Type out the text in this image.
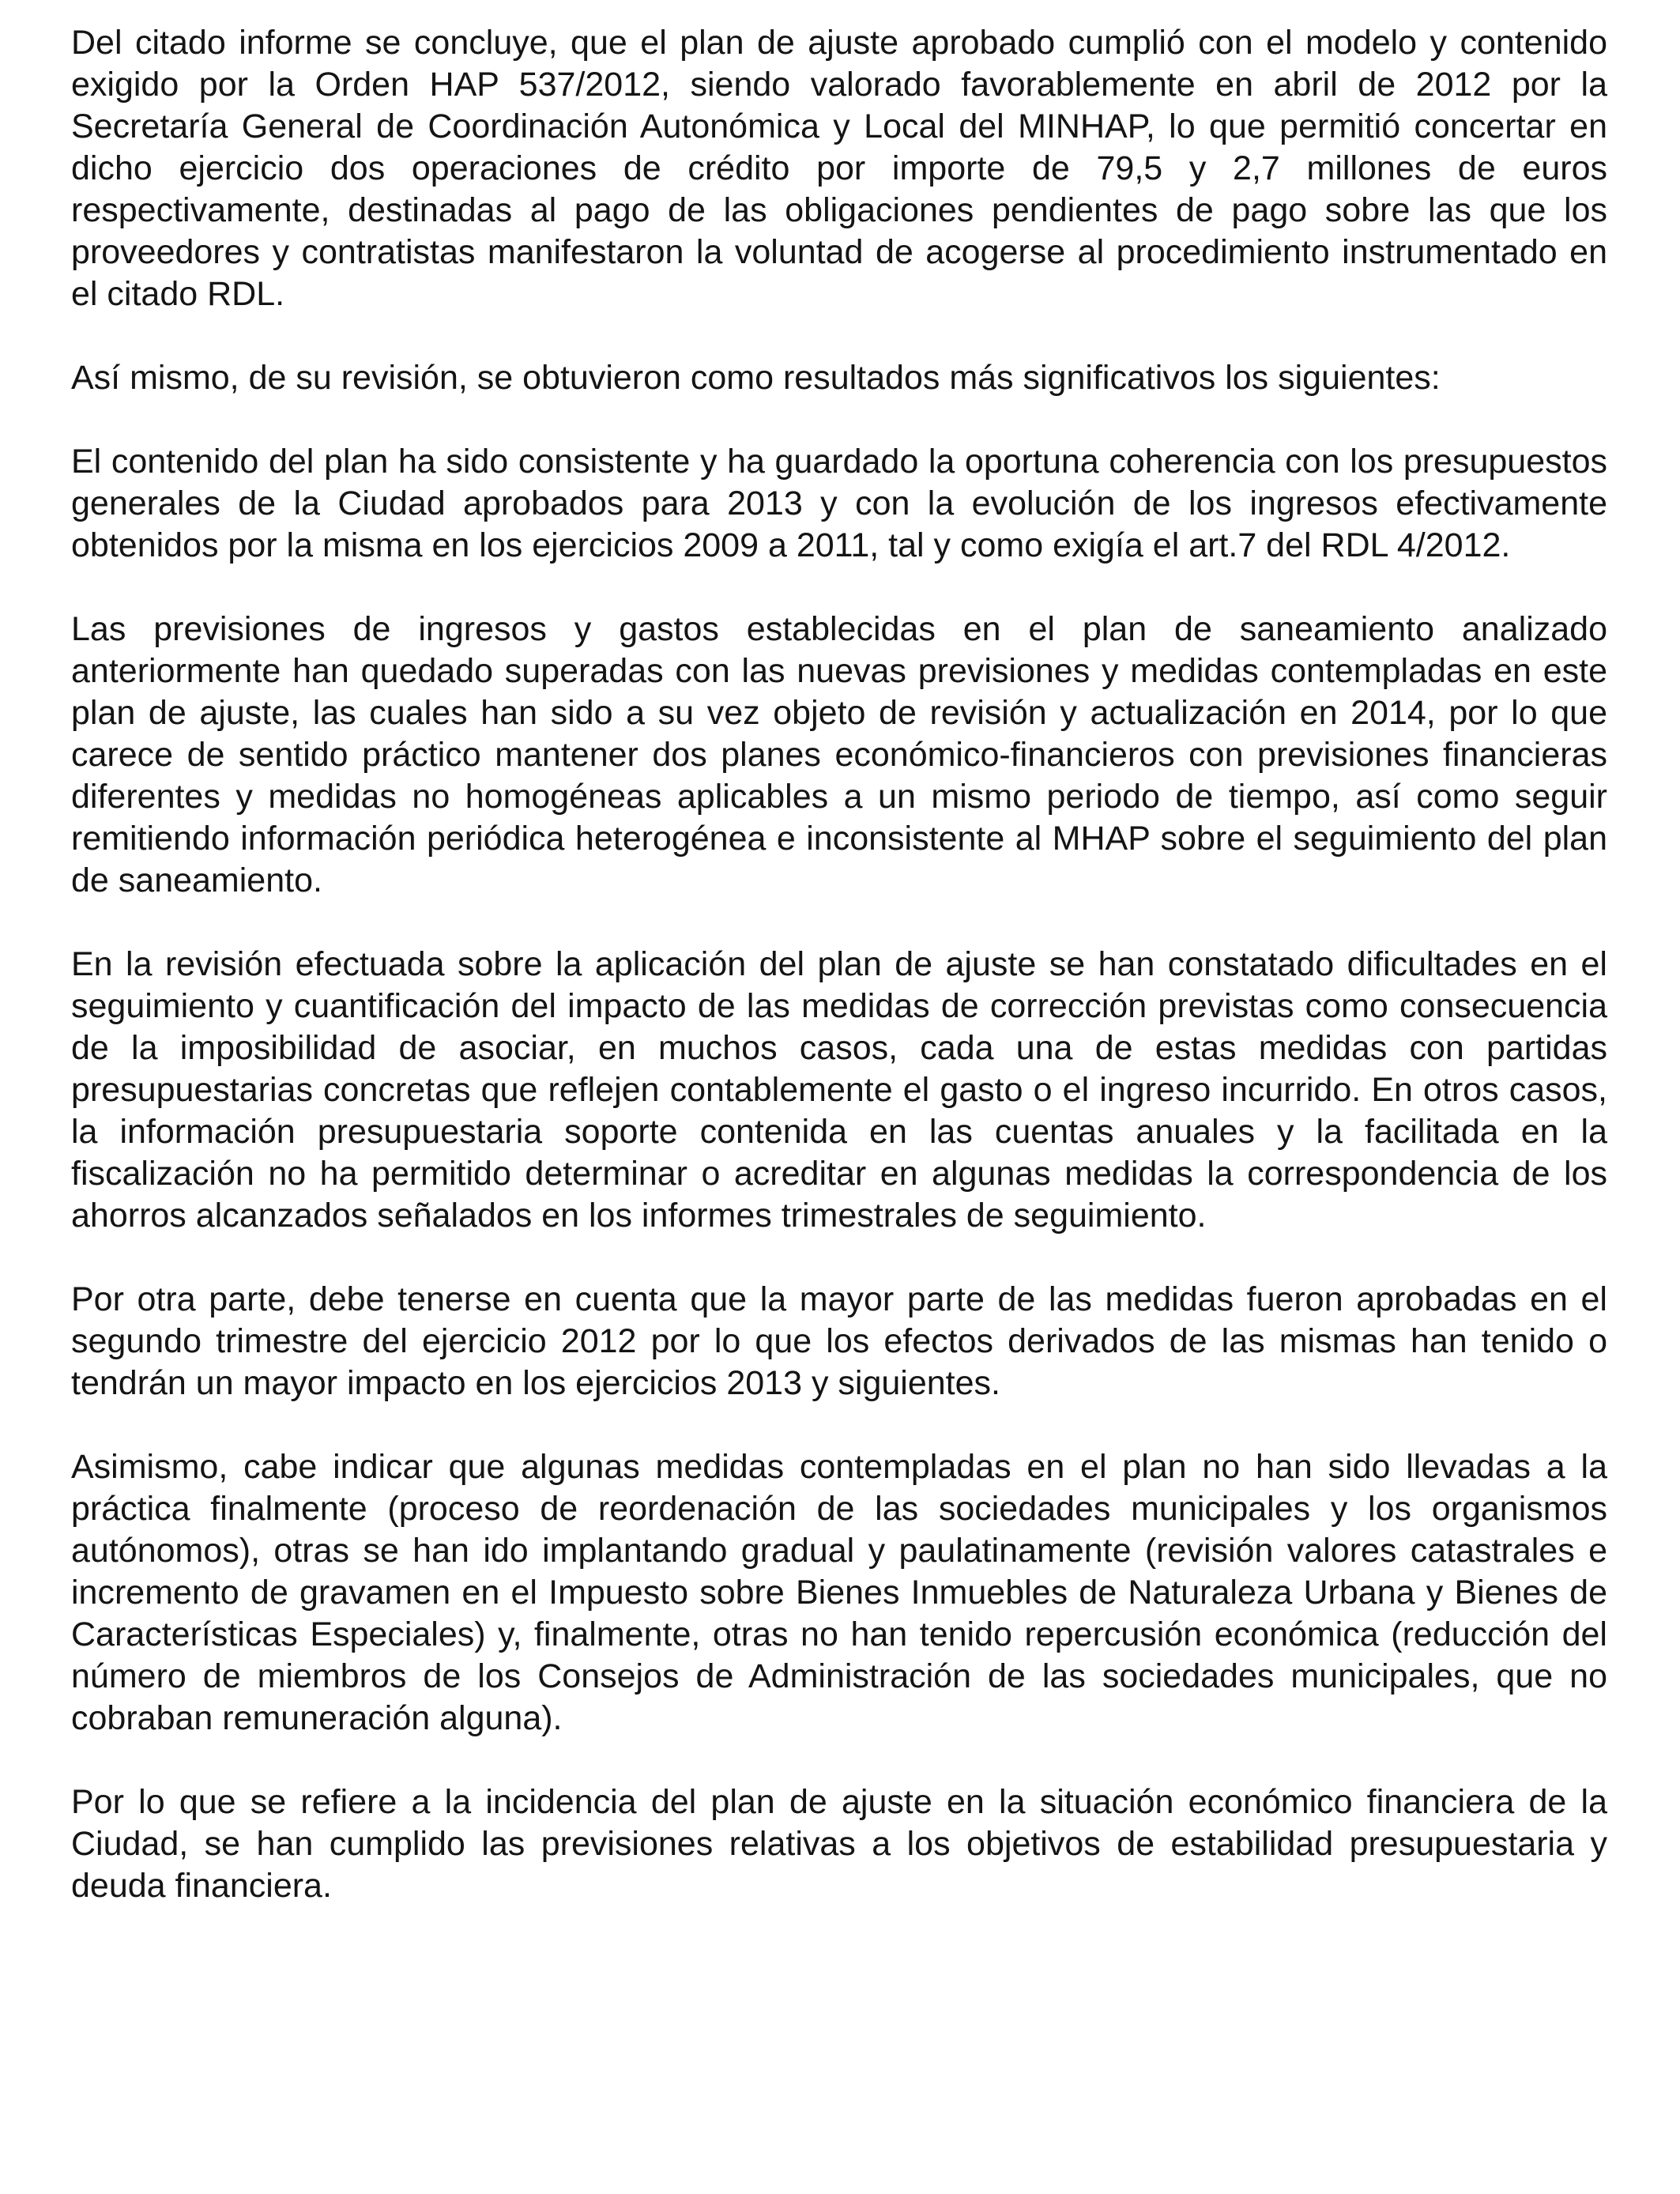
Del citado informe se concluye, que el plan de ajuste aprobado cumplió con el modelo y contenido exigido por la Orden HAP 537/2012, siendo valorado favorablemente en abril de 2012 por la Secretaría General de Coordinación Autonómica y Local del MINHAP, lo que permitió concertar en dicho ejercicio dos operaciones de crédito por importe de 79,5 y 2,7 millones de euros respectivamente, destinadas al pago de las obligaciones pendientes de pago sobre las que los proveedores y contratistas manifestaron la voluntad de acogerse al procedimiento instrumentado en el citado RDL.

Así mismo, de su revisión, se obtuvieron como resultados más significativos los siguientes:

El contenido del plan ha sido consistente y ha guardado la oportuna coherencia con los presupuestos generales de la Ciudad aprobados para 2013 y con la evolución de los ingresos efectivamente obtenidos por la misma en los ejercicios 2009 a 2011, tal y como exigía el art.7 del RDL 4/2012.

Las previsiones de ingresos y gastos establecidas en el plan de saneamiento analizado anteriormente han quedado superadas con las nuevas previsiones y medidas contempladas en este plan de ajuste, las cuales han sido a su vez objeto de revisión y actualización en 2014, por lo que carece de sentido práctico mantener dos planes económico-financieros con previsiones financieras diferentes y medidas no homogéneas aplicables a un mismo periodo de tiempo, así como seguir remitiendo información periódica heterogénea e inconsistente al MHAP sobre el seguimiento del plan de saneamiento.

En la revisión efectuada sobre la aplicación del plan de ajuste se han constatado dificultades en el seguimiento y cuantificación del impacto de las medidas de corrección previstas como consecuencia de la imposibilidad de asociar, en muchos casos, cada una de estas medidas con partidas presupuestarias concretas que reflejen contablemente el gasto o el ingreso incurrido. En otros casos, la información presupuestaria soporte contenida en las cuentas anuales y la facilitada en la fiscalización no ha permitido determinar o acreditar en algunas medidas la correspondencia de los ahorros alcanzados señalados en los informes trimestrales de seguimiento.

Por otra parte, debe tenerse en cuenta que la mayor parte de las medidas fueron aprobadas en el segundo trimestre del ejercicio 2012 por lo que los efectos derivados de las mismas han tenido o tendrán un mayor impacto en los ejercicios 2013 y siguientes.

Asimismo, cabe indicar que algunas medidas contempladas en el plan no han sido llevadas a la práctica finalmente (proceso de reordenación de las sociedades municipales y los organismos autónomos), otras se han ido implantando gradual y paulatinamente (revisión valores catastrales e incremento de gravamen en el Impuesto sobre Bienes Inmuebles de Naturaleza Urbana y Bienes de Características Especiales) y, finalmente, otras no han tenido repercusión económica (reducción del número de miembros de los Consejos de Administración de las sociedades municipales, que no cobraban remuneración alguna).

Por lo que se refiere a la incidencia del plan de ajuste en la situación económico financiera de la Ciudad, se han cumplido las previsiones relativas a los objetivos de estabilidad presupuestaria y deuda financiera.
